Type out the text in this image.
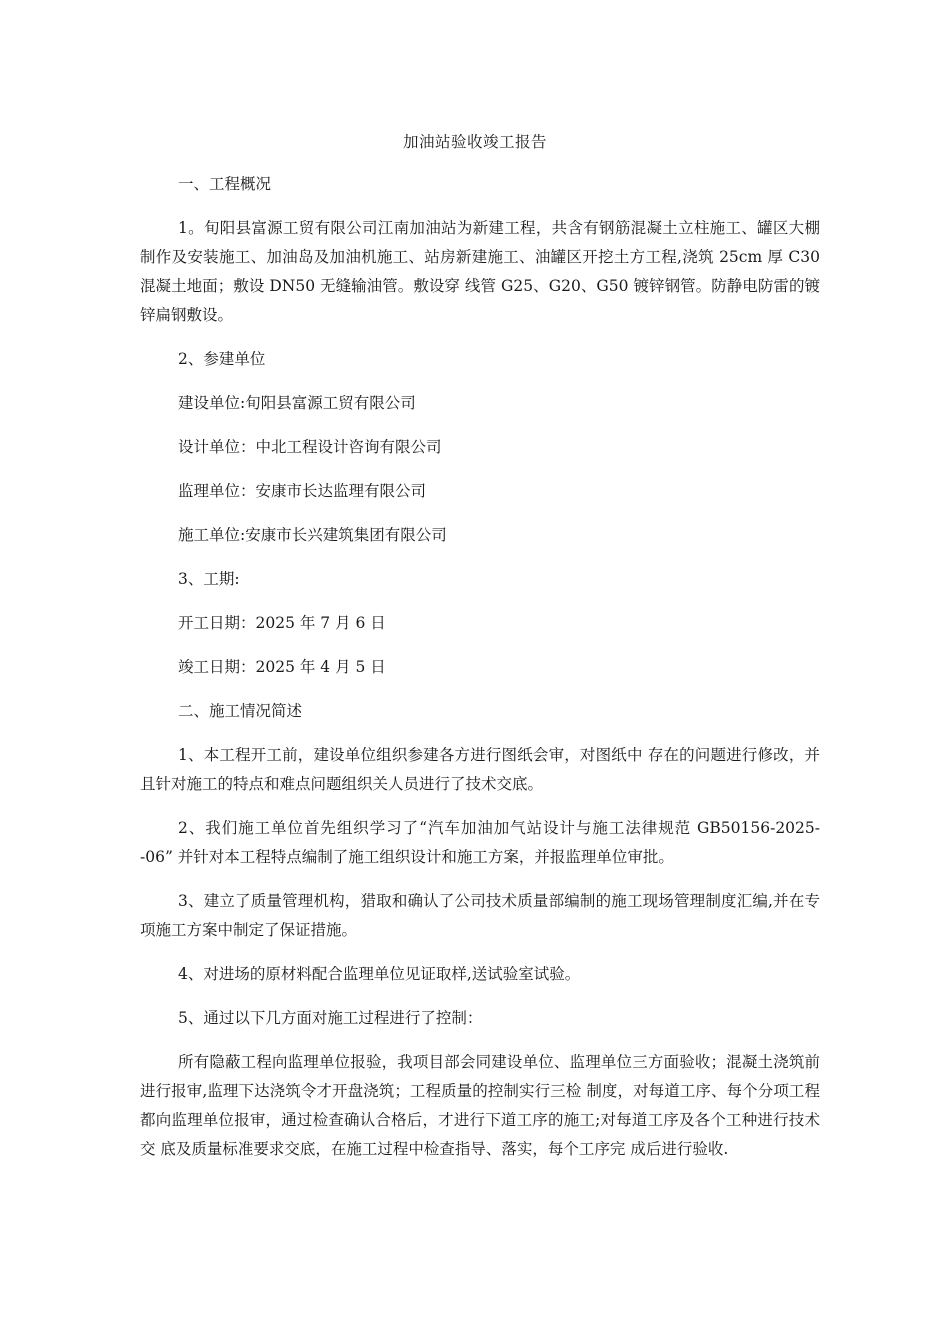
加油站验收竣工报告

一、工程概况

1。旬阳县富源工贸有限公司江南加油站为新建工程，共含有钢筋混凝土立柱施工、罐区大棚制作及安装施工、加油岛及加油机施工、站房新建施工、油罐区开挖土方工程,浇筑 25cm 厚 C30 混凝土地面；敷设 DN50 无缝输油管。敷设穿 线管 G25、G20、G50 镀锌钢管。防静电防雷的镀锌扁钢敷设。

2、参建单位

建设单位:旬阳县富源工贸有限公司

设计单位：中北工程设计咨询有限公司

监理单位：安康市长达监理有限公司

施工单位:安康市长兴建筑集团有限公司

3、工期:

开工日期：2025 年 7 月 6 日

竣工日期：2025 年 4 月 5 日

二、施工情况简述

1、本工程开工前，建设单位组织参建各方进行图纸会审，对图纸中 存在的问题进行修改，并且针对施工的特点和难点问题组织关人员进行了技术交底。

2、我们施工单位首先组织学习了“汽车加油加气站设计与施工法律规范 GB50156-2025--06” 并针对本工程特点编制了施工组织设计和施工方案，并报监理单位审批。

3、建立了质量管理机构，猎取和确认了公司技术质量部编制的施工现场管理制度汇编,并在专项施工方案中制定了保证措施。

4、对进场的原材料配合监理单位见证取样,送试验室试验。

5、通过以下几方面对施工过程进行了控制：

所有隐蔽工程向监理单位报验，我项目部会同建设单位、监理单位三方面验收；混凝土浇筑前进行报审,监理下达浇筑令才开盘浇筑；工程质量的控制实行三检 制度，对每道工序、每个分项工程都向监理单位报审，通过检查确认合格后，才进行下道工序的施工;对每道工序及各个工种进行技术交 底及质量标准要求交底，在施工过程中检查指导、落实，每个工序完 成后进行验收.
